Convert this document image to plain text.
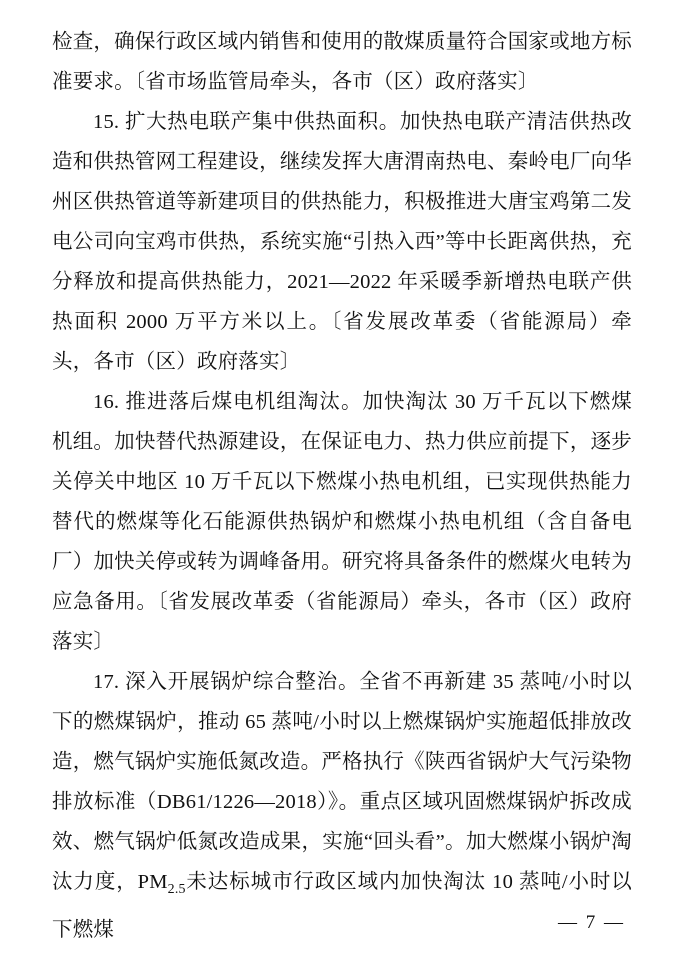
检查，确保行政区域内销售和使用的散煤质量符合国家或地方标准要求。〔省市场监管局牵头，各市（区）政府落实〕

15. 扩大热电联产集中供热面积。加快热电联产清洁供热改造和供热管网工程建设，继续发挥大唐渭南热电、秦岭电厂向华州区供热管道等新建项目的供热能力，积极推进大唐宝鸡第二发电公司向宝鸡市供热，系统实施“引热入西”等中长距离供热，充分释放和提高供热能力，2021—2022 年采暖季新增热电联产供热面积 2000 万平方米以上。〔省发展改革委（省能源局）牵头，各市（区）政府落实〕

16. 推进落后煤电机组淘汰。加快淘汰 30 万千瓦以下燃煤机组。加快替代热源建设，在保证电力、热力供应前提下，逐步关停关中地区 10 万千瓦以下燃煤小热电机组，已实现供热能力替代的燃煤等化石能源供热锅炉和燃煤小热电机组（含自备电厂）加快关停或转为调峰备用。研究将具备条件的燃煤火电转为应急备用。〔省发展改革委（省能源局）牵头，各市（区）政府落实〕

17. 深入开展锅炉综合整治。全省不再新建 35 蒸吨/小时以下的燃煤锅炉，推动 65 蒸吨/小时以上燃煤锅炉实施超低排放改造，燃气锅炉实施低氮改造。严格执行《陕西省锅炉大气污染物排放标准（DB61/1226—2018）》。重点区域巩固燃煤锅炉拆改成效、燃气锅炉低氮改造成果，实施“回头看”。加大燃煤小锅炉淘汰力度，$PM_{2.5}$未达标城市行政区域内加快淘汰 10 蒸吨/小时以下燃煤	— 7 —
